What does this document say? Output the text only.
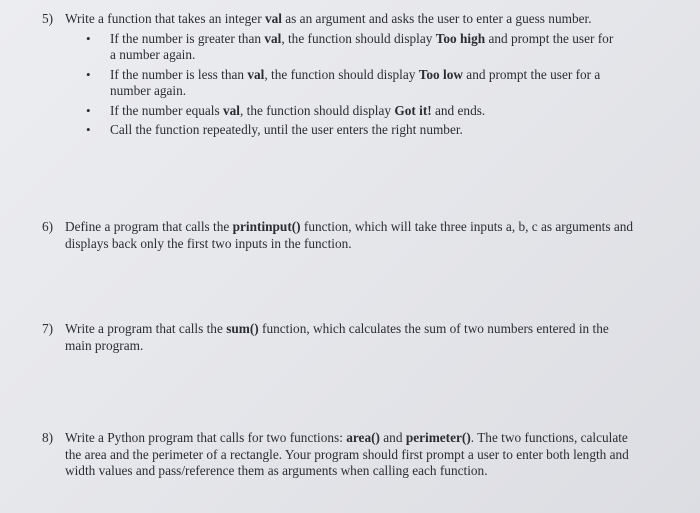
5) Write a function that takes an integer val as an argument and asks the user to enter a guess number.
• If the number is greater than val, the function should display Too high and prompt the user for a number again.
• If the number is less than val, the function should display Too low and prompt the user for a number again.
• If the number equals val, the function should display Got it! and ends.
• Call the function repeatedly, until the user enters the right number.
6) Define a program that calls the printinput() function, which will take three inputs a, b, c as arguments and displays back only the first two inputs in the function.
7) Write a program that calls the sum() function, which calculates the sum of two numbers entered in the main program.
8) Write a Python program that calls for two functions: area() and perimeter(). The two functions, calculate the area and the perimeter of a rectangle. Your program should first prompt a user to enter both length and width values and pass/reference them as arguments when calling each function.
